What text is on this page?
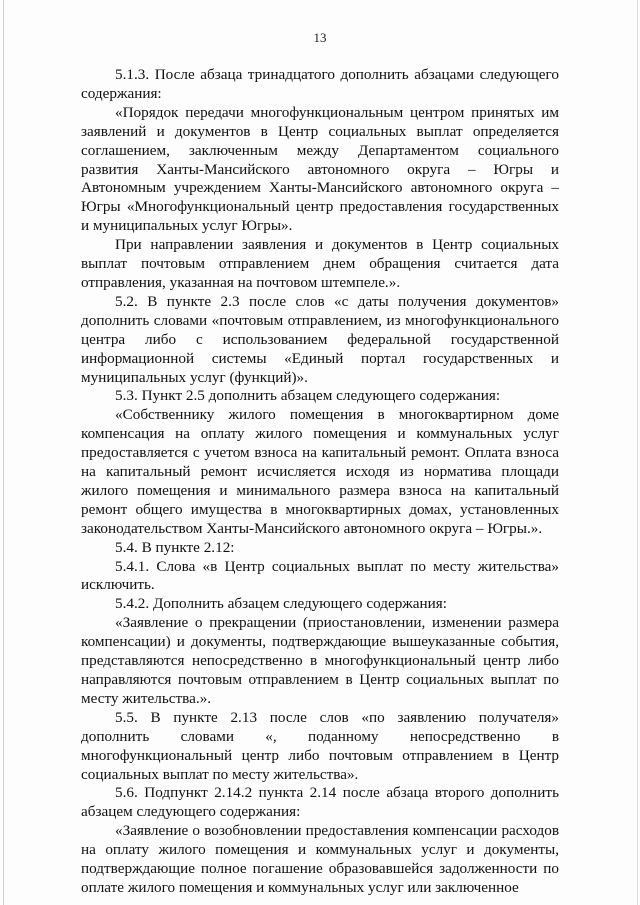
13

5.1.3. После абзаца тринадцатого дополнить абзацами следующего содержания:

«Порядок передачи многофункциональным центром принятых им заявлений и документов в Центр социальных выплат определяется соглашением, заключенным между Департаментом социального развития Ханты-Мансийского автономного округа – Югры и Автономным учреждением Ханты-Мансийского автономного округа – Югры «Многофункциональный центр предоставления государственных и муниципальных услуг Югры».

При направлении заявления и документов в Центр социальных выплат почтовым отправлением днем обращения считается дата отправления, указанная на почтовом штемпеле.».

5.2. В пункте 2.3 после слов «с даты получения документов» дополнить словами «почтовым отправлением, из многофункционального центра либо с использованием федеральной государственной информационной системы «Единый портал государственных и муниципальных услуг (функций)».

5.3. Пункт 2.5 дополнить абзацем следующего содержания:

«Собственнику жилого помещения в многоквартирном доме компенсация на оплату жилого помещения и коммунальных услуг предоставляется с учетом взноса на капитальный ремонт. Оплата взноса на капитальный ремонт исчисляется исходя из норматива площади жилого помещения и минимального размера взноса на капитальный ремонт общего имущества в многоквартирных домах, установленных законодательством Ханты-Мансийского автономного округа – Югры.».

5.4. В пункте 2.12:

5.4.1. Слова «в Центр социальных выплат по месту жительства» исключить.

5.4.2. Дополнить абзацем следующего содержания:

«Заявление о прекращении (приостановлении, изменении размера компенсации) и документы, подтверждающие вышеуказанные события, представляются непосредственно в многофункциональный центр либо направляются почтовым отправлением в Центр социальных выплат по месту жительства.».

5.5. В пункте 2.13 после слов «по заявлению получателя» дополнить словами «, поданному непосредственно в многофункциональный центр либо почтовым отправлением в Центр социальных выплат по месту жительства».

5.6. Подпункт 2.14.2 пункта 2.14 после абзаца второго дополнить абзацем следующего содержания:

«Заявление о возобновлении предоставления компенсации расходов на оплату жилого помещения и коммунальных услуг и документы, подтверждающие полное погашение образовавшейся задолженности по оплате жилого помещения и коммунальных услуг или заключенное
